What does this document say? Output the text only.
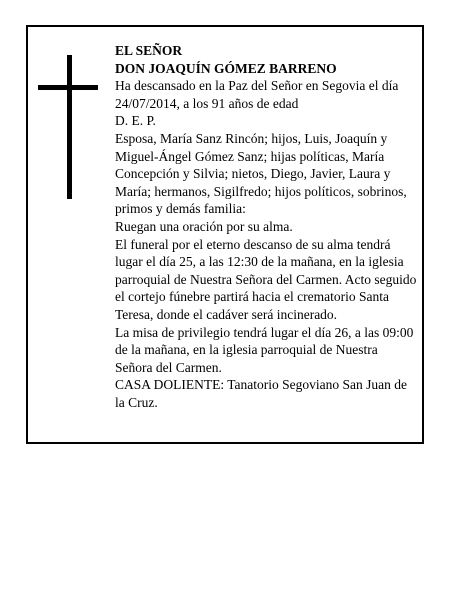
EL SEÑOR

DON JOAQUÍN GÓMEZ BARRENO

Ha descansado en la Paz del Señor en Segovia el día 24/07/2014, a los 91 años de edad

D. E. P.

Esposa, María Sanz Rincón; hijos, Luis, Joaquín y Miguel-Ángel Gómez Sanz; hijas políticas, María Concepción y Silvia; nietos, Diego, Javier, Laura y María; hermanos, Sigilfredo; hijos políticos, sobrinos, primos y demás familia:

Ruegan una oración por su alma.

El funeral por el eterno descanso de su alma tendrá lugar el día 25, a las 12:30 de la mañana, en la iglesia parroquial de Nuestra Señora del Carmen. Acto seguido el cortejo fúnebre partirá hacia el crematorio Santa Teresa, donde el cadáver será incinerado.

La misa de privilegio tendrá lugar el día 26, a las 09:00 de la mañana, en la iglesia parroquial de Nuestra Señora del Carmen.

CASA DOLIENTE: Tanatorio Segoviano San Juan de la Cruz.
